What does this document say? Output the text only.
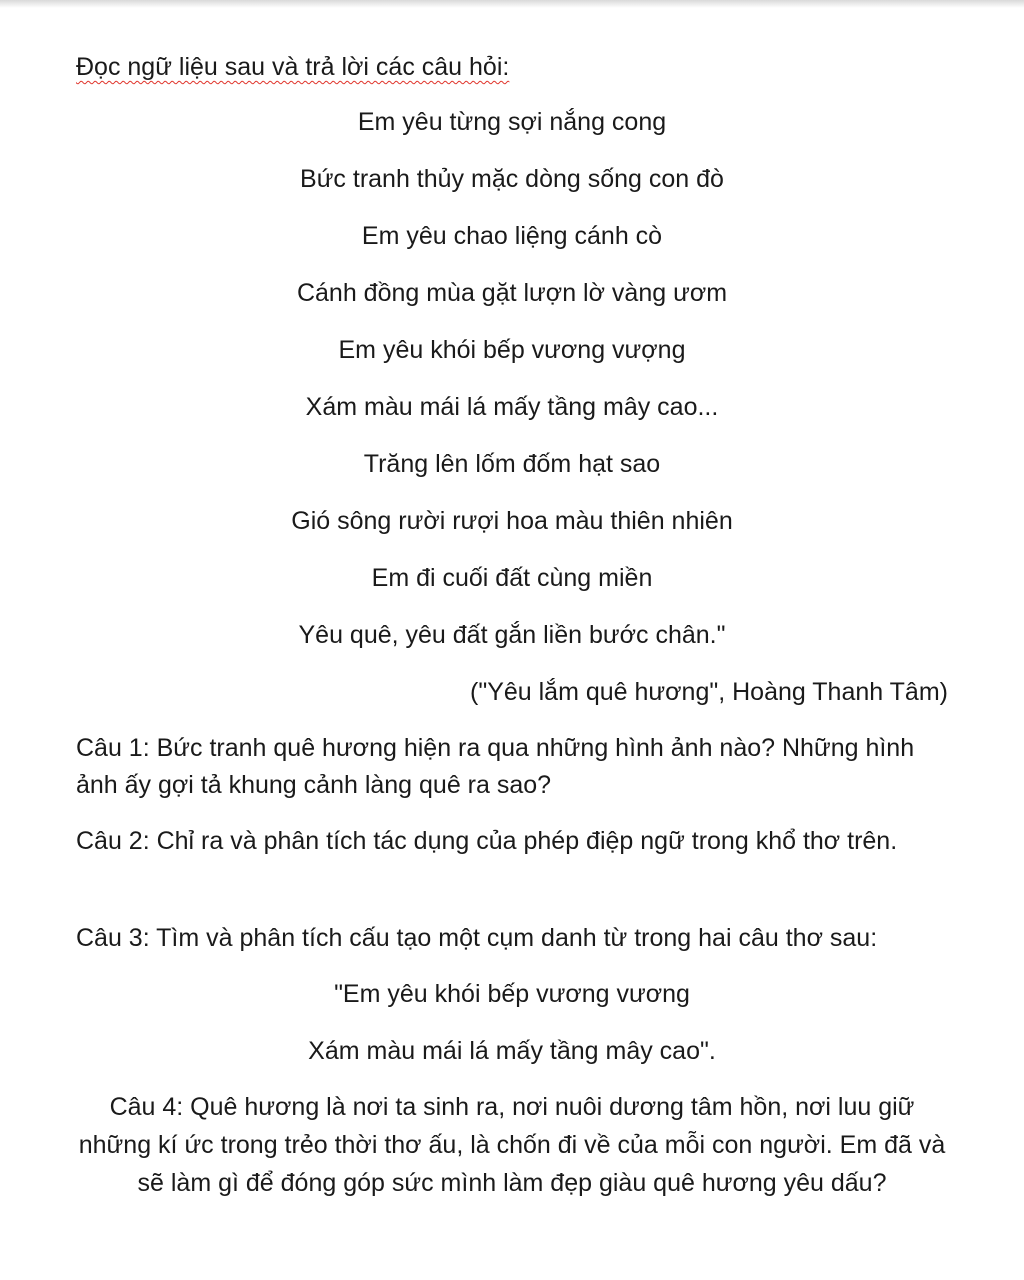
Đọc ngữ liệu sau và trả lời các câu hỏi:
Em yêu từng sợi nắng cong
Bức tranh thủy mặc dòng sống con đò
Em yêu chao liệng cánh cò
Cánh đồng mùa gặt lượn lờ vàng ươm
Em yêu khói bếp vương vượng
Xám màu mái lá mấy tầng mây cao...
Trăng lên lốm đốm hạt sao
Gió sông rười rượi hoa màu thiên nhiên
Em đi cuối đất cùng miền
Yêu quê, yêu đất gắn liền bước chân."
("Yêu lắm quê hương", Hoàng Thanh Tâm)
Câu 1: Bức tranh quê hương hiện ra qua những hình ảnh nào? Những hình ảnh ấy gợi tả khung cảnh làng quê ra sao?
Câu 2: Chỉ ra và phân tích tác dụng của phép điệp ngữ trong khổ thơ trên.
Câu 3: Tìm và phân tích cấu tạo một cụm danh từ trong hai câu thơ sau:
"Em yêu khói bếp vương vương
Xám màu mái lá mấy tầng mây cao".
Câu 4: Quê hương là nơi ta sinh ra, nơi nuôi dương tâm hồn, nơi luu giữ những kí ức trong trẻo thời thơ ấu, là chốn đi về của mỗi con người. Em đã và sẽ làm gì để đóng góp sức mình làm đẹp giàu quê hương yêu dấu?
